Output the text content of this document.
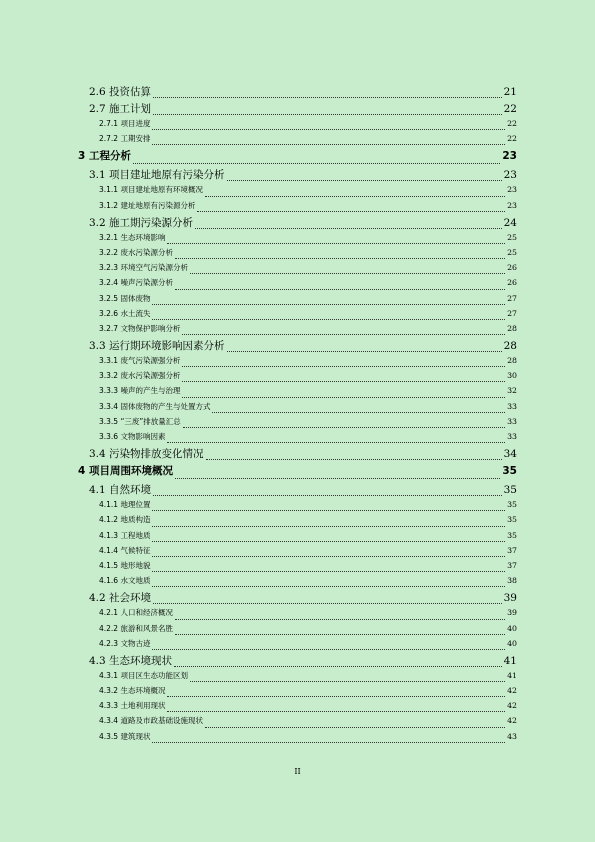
2.6 投资估算	21
2.7 施工计划	22
2.7.1 项目进度	22
2.7.2 工期安排	22
3 工程分析	23
3.1 项目建址地原有污染分析	23
3.1.1 项目建址地原有环境概况	23
3.1.2 建址地原有污染源分析	23
3.2 施工期污染源分析	24
3.2.1 生态环境影响	25
3.2.2 废水污染源分析	25
3.2.3 环境空气污染源分析	26
3.2.4 噪声污染源分析	26
3.2.5 固体废物	27
3.2.6 水土流失	27
3.2.7 文物保护影响分析	28
3.3 运行期环境影响因素分析	28
3.3.1 废气污染源强分析	28
3.3.2 废水污染源强分析	30
3.3.3 噪声的产生与治理	32
3.3.4 固体废物的产生与处置方式	33
3.3.5 “三废”排放量汇总	33
3.3.6 文物影响因素	33
3.4 污染物排放变化情况	34
4 项目周围环境概况	35
4.1 自然环境	35
4.1.1 地理位置	35
4.1.2 地质构造	35
4.1.3 工程地质	35
4.1.4 气候特征	37
4.1.5 地形地貌	37
4.1.6 水文地质	38
4.2 社会环境	39
4.2.1 人口和经济概况	39
4.2.2 旅游和风景名胜	40
4.2.3 文物古迹	40
4.3 生态环境现状	41
4.3.1 项目区生态功能区划	41
4.3.2 生态环境概况	42
4.3.3 土地利用现状	42
4.3.4 道路及市政基础设施现状	42
4.3.5 建筑现状	43
II
